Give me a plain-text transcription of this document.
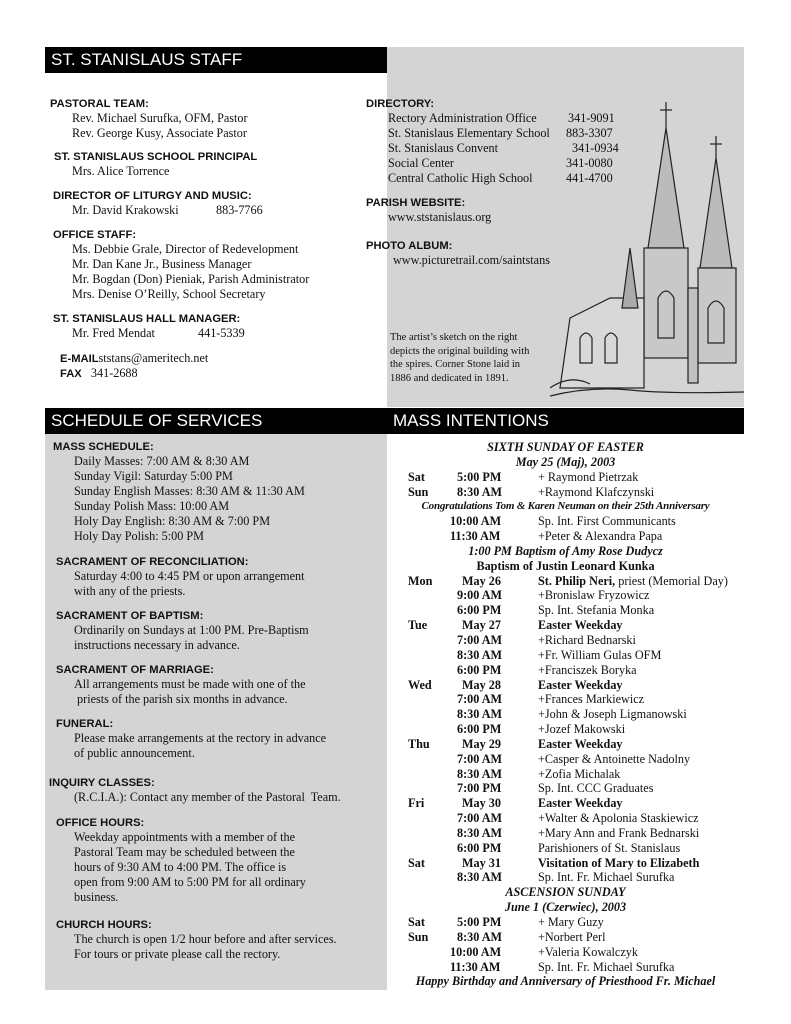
ST. STANISLAUS STAFF
SCHEDULE OF SERVICES	MASS INTENTIONS
PASTORAL TEAM:
Rev. Michael Surufka, OFM, Pastor
Rev. George Kusy, Associate Pastor
ST. STANISLAUS SCHOOL PRINCIPAL
Mrs. Alice Torrence
DIRECTOR OF LITURGY AND MUSIC:
Mr. David Krakowski	883-7766
OFFICE STAFF:
Ms. Debbie Grale, Director of Redevelopment
Mr. Dan Kane Jr., Business Manager
Mr. Bogdan (Don) Pieniak, Parish Administrator
Mrs. Denise O’Reilly, School Secretary
ST. STANISLAUS HALL MANAGER:
Mr. Fred Mendat	441-5339
E-MAILststans@ameritech.net
FAX 341-2688
DIRECTORY:
Rectory Administration Office	341-9091
St. Stanislaus Elementary School	883-3307
St. Stanislaus Convent	341-0934
Social Center	341-0080
Central Catholic High School	441-4700
PARISH WEBSITE:
www.ststanislaus.org
PHOTO ALBUM:
www.picturetrail.com/saintstans
The artist’s sketch on the right depicts the original building with the spires. Corner Stone laid in 1886 and dedicated in 1891.
MASS SCHEDULE:
Daily Masses: 7:00 AM & 8:30 AM
Sunday Vigil: Saturday 5:00 PM
Sunday English Masses: 8:30 AM & 11:30 AM
Sunday Polish Mass: 10:00 AM
Holy Day English: 8:30 AM & 7:00 PM
Holy Day Polish: 5:00 PM
SACRAMENT OF RECONCILIATION:
Saturday 4:00 to 4:45 PM or upon arrangement
with any of the priests.
SACRAMENT OF BAPTISM:
Ordinarily on Sundays at 1:00 PM. Pre-Baptism
instructions necessary in advance.
SACRAMENT OF MARRIAGE:
All arrangements must be made with one of the
priests of the parish six months in advance.
FUNERAL:
Please make arrangements at the rectory in advance
of public announcement.
INQUIRY CLASSES:
(R.C.I.A.): Contact any member of the Pastoral  Team.
OFFICE HOURS:
Weekday appointments with a member of the
Pastoral Team may be scheduled between the
hours of 9:30 AM to 4:00 PM. The office is
open from 9:00 AM to 5:00 PM for all ordinary
business.
CHURCH HOURS:
The church is open 1/2 hour before and after services.
For tours or private please call the rectory.
SIXTH SUNDAY OF EASTER
May 25 (Maj), 2003
Sat	5:00 PM	+ Raymond Pietrzak
Sun 8:30 AM	+Raymond Klafczynski
Congratulations Tom & Karen Neuman on their 25th Anniversary
10:00 AM	Sp. Int. First Communicants
11:30 AM	+Peter & Alexandra Papa
1:00 PM Baptism of Amy Rose Dudycz
Baptism of Justin Leonard Kunka
Mon May 26	St. Philip Neri, priest (Memorial Day)
9:00 AM	+Bronislaw Fryzowicz
6:00 PM	Sp. Int. Stefania Monka
Tue	May 27	Easter Weekday
7:00 AM	+Richard Bednarski
8:30 AM	+Fr. William Gulas OFM
6:00 PM	+Franciszek Boryka
Wed May 28	Easter Weekday
7:00 AM	+Frances Markiewicz
8:30 AM	+John & Joseph Ligmanowski
6:00 PM	+Jozef Makowski
Thu	May 29	Easter Weekday
7:00 AM	+Casper & Antoinette Nadolny
8:30 AM	+Zofia Michalak
7:00 PM	Sp. Int. CCC Graduates
Fri	May 30	Easter Weekday
7:00 AM	+Walter & Apolonia Staskiewicz
8:30 AM	+Mary Ann and Frank Bednarski
6:00 PM	Parishioners of St. Stanislaus
Sat	May 31	Visitation of Mary to Elizabeth
8:30 AM	Sp. Int. Fr. Michael Surufka
ASCENSION SUNDAY
June 1 (Czerwiec), 2003
Sat	5:00 PM	+ Mary Guzy
Sun 8:30 AM	+Norbert Perl
10:00 AM	+Valeria Kowalczyk
11:30 AM	Sp. Int. Fr. Michael Surufka
Happy Birthday and Anniversary of Priesthood Fr. Michael
